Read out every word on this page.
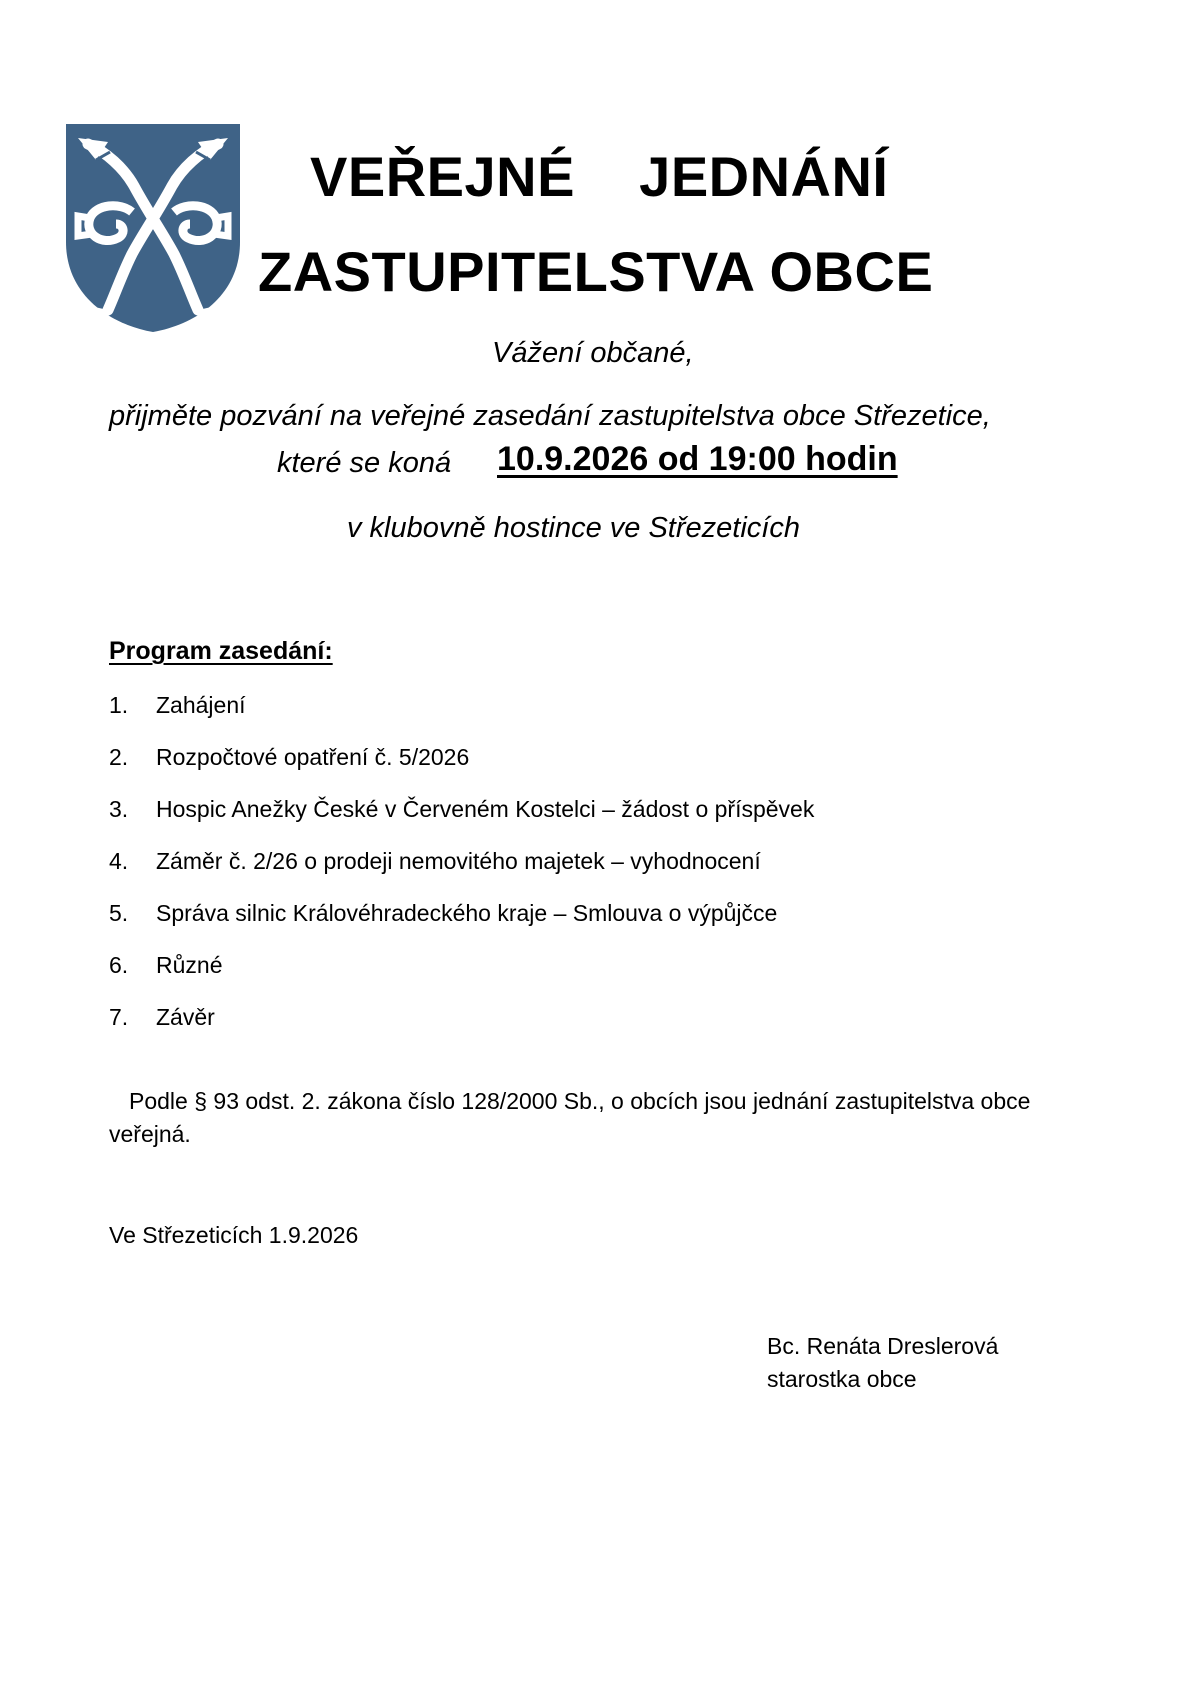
VEŘEJNÉ    JEDNÁNÍ
ZASTUPITELSTVA OBCE
Vážení občané,
přijměte pozvání na veřejné zasedání zastupitelstva obce Střezetice,
které se koná 10.9.2026 od 19:00 hodin
v klubovně hostince ve Střezeticích
Program zasedání:
1. Zahájení
2. Rozpočtové opatření č. 5/2026
3. Hospic Anežky České v Červeném Kostelci – žádost o příspěvek
4. Záměr č. 2/26 o prodeji nemovitého majetek – vyhodnocení
5. Správa silnic Královéhradeckého kraje – Smlouva o výpůjčce
6. Různé
7. Závěr
Podle § 93 odst. 2. zákona číslo 128/2000 Sb., o obcích jsou jednání zastupitelstva obce veřejná.
Ve Střezeticích 1.9.2026
Bc. Renáta Dreslerová
starostka obce
